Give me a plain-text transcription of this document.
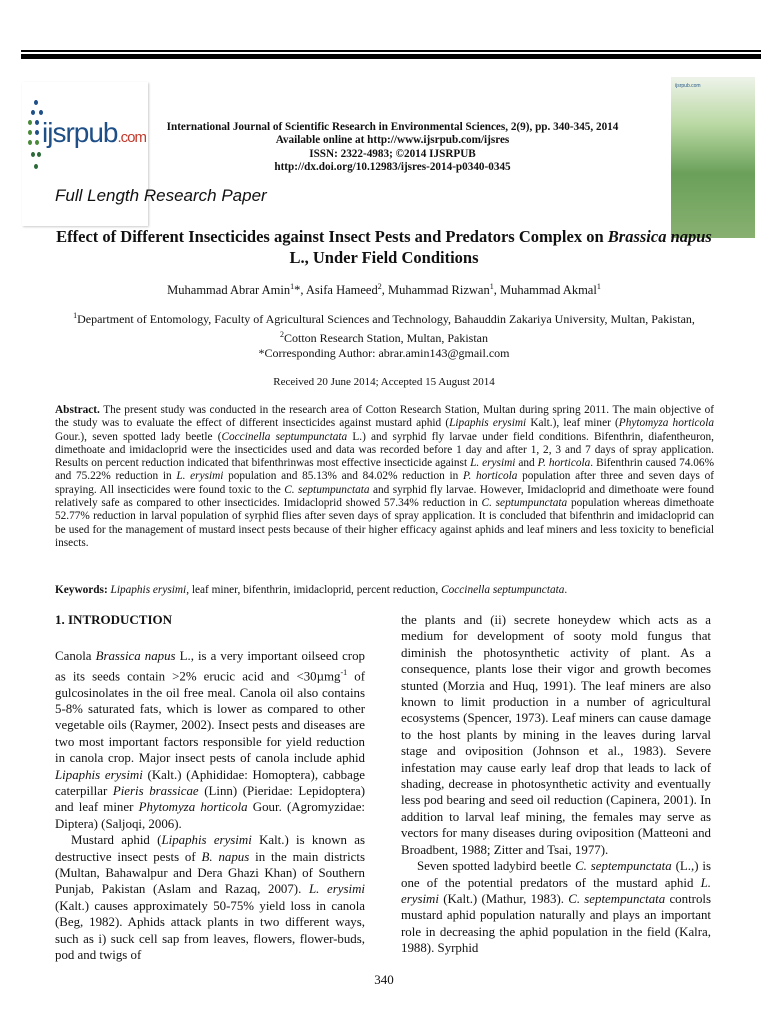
ijsrpub.com
ijsrpub.com
International Journal of Scientific Research in Environmental Sciences, 2(9), pp. 340-345, 2014
Available online at http://www.ijsrpub.com/ijsres
ISSN: 2322-4983; ©2014 IJSRPUB
http://dx.doi.org/10.12983/ijsres-2014-p0340-0345
Full Length Research Paper
Effect of Different Insecticides against Insect Pests and Predators Complex on Brassica napus L., Under Field Conditions
Muhammad Abrar Amin$^1$*, Asifa Hameed$^2$, Muhammad Rizwan$^1$, Muhammad Akmal$^1$
$^1$Department of Entomology, Faculty of Agricultural Sciences and Technology, Bahauddin Zakariya University, Multan, Pakistan,
$^2$Cotton Research Station, Multan, Pakistan
*Corresponding Author: abrar.amin143@gmail.com
Received 20 June 2014; Accepted 15 August 2014
Abstract. The present study was conducted in the research area of Cotton Research Station, Multan during spring 2011. The main objective of the study was to evaluate the effect of different insecticides against mustard aphid (Lipaphis erysimi Kalt.), leaf miner (Phytomyza horticola Gour.), seven spotted lady beetle (Coccinella septumpunctata L.) and syrphid fly larvae under field conditions. Bifenthrin, diafentheuron, dimethoate and imidacloprid were the insecticides used and data was recorded before 1 day and after 1, 2, 3 and 7 days of spray application. Results on percent reduction indicated that bifenthrinwas most effective insecticide against L. erysimi and P. horticola. Bifenthrin caused 74.06% and 75.22% reduction in L. erysimi population and 85.13% and 84.02% reduction in P. horticola population after three and seven days of spraying. All insecticides were found toxic to the C. septumpunctata and syrphid fly larvae. However, Imidacloprid and dimethoate were found relatively safe as compared to other insecticides. Imidacloprid showed 57.34% reduction in C. septumpunctata population whereas dimethoate 52.77% reduction in larval population of syrphid flies after seven days of spray application. It is concluded that bifenthrin and imidacloprid can be used for the management of mustard insect pests because of their higher efficacy against aphids and leaf miners and less toxicity to beneficial insects.
Keywords: Lipaphis erysimi, leaf miner, bifenthrin, imidacloprid, percent reduction, Coccinella septumpunctata.
1. INTRODUCTION

Canola Brassica napus L., is a very important oilseed crop as its seeds contain >2% erucic acid and <30µmg$^{-1}$ of gulcosinolates in the oil free meal. Canola oil also contains 5-8% saturated fats, which is lower as compared to other vegetable oils (Raymer, 2002). Insect pests and diseases are two most important factors responsible for yield reduction in canola crop. Major insect pests of canola include aphid Lipaphis erysimi (Kalt.) (Aphididae: Homoptera), cabbage caterpillar Pieris brassicae (Linn) (Pieridae: Lepidoptera) and leaf miner Phytomyza horticola Gour. (Agromyzidae: Diptera) (Saljoqi, 2006).

Mustard aphid (Lipaphis erysimi Kalt.) is known as destructive insect pests of B. napus in the main districts (Multan, Bahawalpur and Dera Ghazi Khan) of Southern Punjab, Pakistan (Aslam and Razaq, 2007). L. erysimi (Kalt.) causes approximately 50-75% yield loss in canola (Beg, 1982). Aphids attack plants in two different ways, such as i) suck cell sap from leaves, flowers, flower-buds, pod and twigs of

the plants and (ii) secrete honeydew which acts as a medium for development of sooty mold fungus that diminish the photosynthetic activity of plant. As a consequence, plants lose their vigor and growth becomes stunted (Morzia and Huq, 1991). The leaf miners are also known to limit production in a number of agricultural ecosystems (Spencer, 1973). Leaf miners can cause damage to the host plants by mining in the leaves during larval stage and oviposition (Johnson et al., 1983). Severe infestation may cause early leaf drop that leads to lack of shading, decrease in photosynthetic activity and eventually less pod bearing and seed oil reduction (Capinera, 2001). In addition to larval leaf mining, the females may serve as vectors for many diseases during oviposition (Matteoni and Broadbent, 1988; Zitter and Tsai, 1977).

Seven spotted ladybird beetle C. septempunctata (L.,) is one of the potential predators of the mustard aphid L. erysimi (Kalt.) (Mathur, 1983). C. septempunctata controls mustard aphid population naturally and plays an important role in decreasing the aphid population in the field (Kalra, 1988). Syrphid

340
